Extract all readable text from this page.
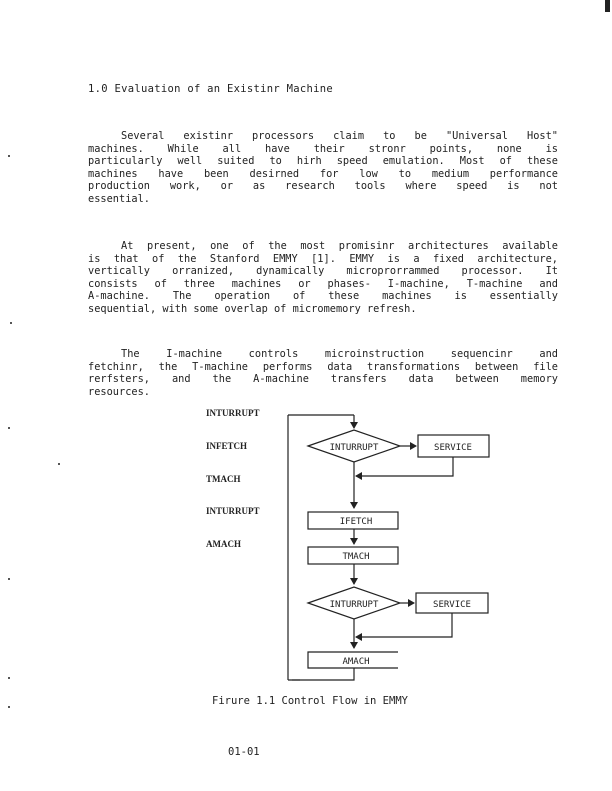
1.0 Evaluation of an Existinr Machine
Several existinr processors claim to be "Universal Host"
machines. While all have their stronr points, none is
particularly well suited to hirh speed emulation. Most of these
machines have been desirned for low to medium performance
production work, or as research tools where speed is not
essential.
At present, one of the most promisinr architectures available
is that of the Stanford EMMY [1]. EMMY is a fixed architecture,
vertically orranized, dynamically microprorrammed processor. It
consists of three machines or phases- I-machine, T-machine and
A-machine. The operation of these machines is essentially
sequential, with some overlap of micromemory refresh.
The I-machine controls microinstruction sequencinr and
fetchinr, the T-machine performs data transformations between file
rerfsters, and the A-machine transfers data between memory
resources.
INTURRUPT
INFETCH
TMACH
INTURRUPT
AMACH
INTURRUPT	SERVICE
IFETCH
TMACH
INTURRUPT	SERVICE
AMACH
Firure 1.1 Control Flow in EMMY
01-01
